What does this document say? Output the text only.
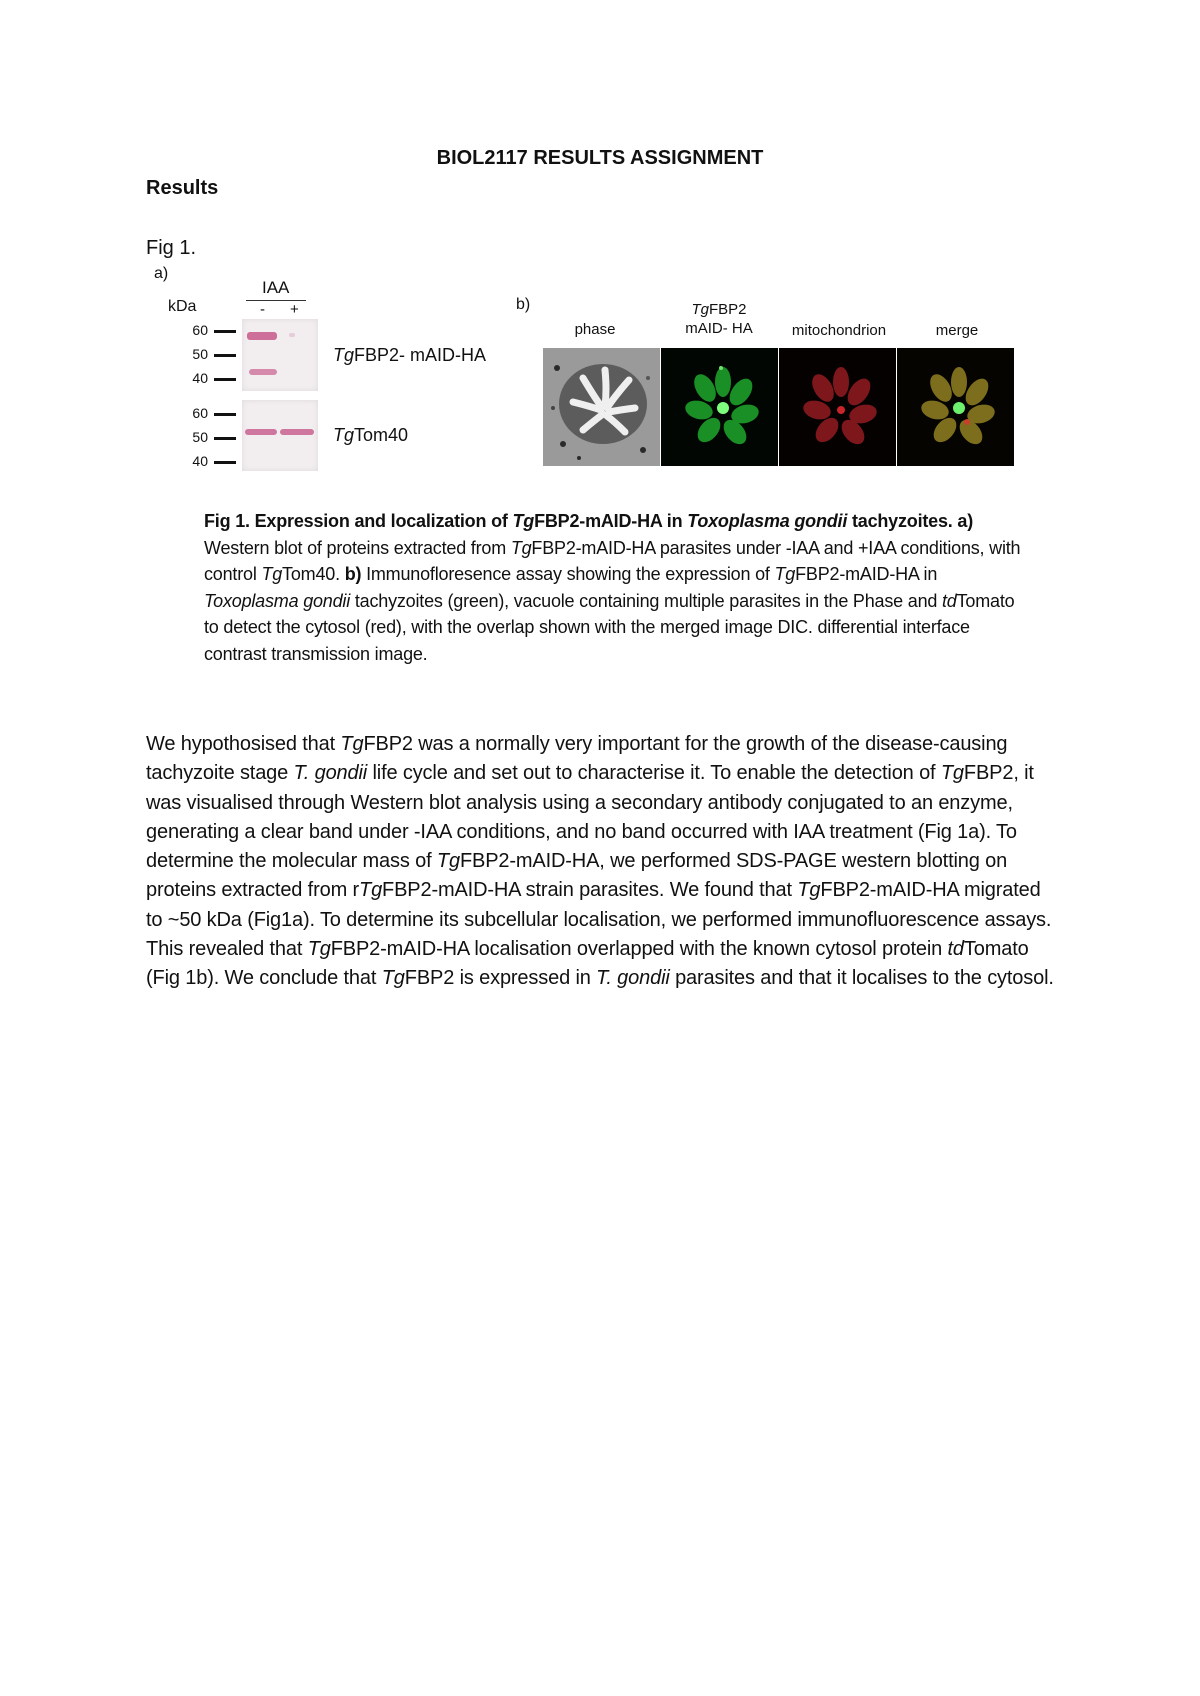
BIOL2117 RESULTS ASSIGNMENT
Results

Fig 1.

a)
IAA
- +
kDa
60
50
40
60
50
40
TgFBP2- mAID-HA
TgTom40
b)
phase
TgFBP2
mAID- HA	mitochondrion	merge

Fig 1. Expression and localization of TgFBP2-mAID-HA in Toxoplasma gondii tachyzoites. a) Western blot of proteins extracted from TgFBP2-mAID-HA parasites under -IAA and +IAA conditions, with control TgTom40. b) Immunofloresence assay showing the expression of TgFBP2-mAID-HA in Toxoplasma gondii tachyzoites (green), vacuole containing multiple parasites in the Phase and tdTomato to detect the cytosol (red), with the overlap shown with the merged image DIC. differential interface contrast transmission image.

We hypothosised that TgFBP2 was a normally very important for the growth of the disease-causing tachyzoite stage T. gondii life cycle and set out to characterise it. To enable the detection of TgFBP2, it was visualised through Western blot analysis using a secondary antibody conjugated to an enzyme, generating a clear band under -IAA conditions, and no band occurred with IAA treatment (Fig 1a). To determine the molecular mass of TgFBP2-mAID-HA, we performed SDS-PAGE western blotting on proteins extracted from rTgFBP2-mAID-HA strain parasites. We found that TgFBP2-mAID-HA migrated to ~50 kDa (Fig1a). To determine its subcellular localisation, we performed immunofluorescence assays. This revealed that TgFBP2-mAID-HA localisation overlapped with the known cytosol protein tdTomato (Fig 1b). We conclude that TgFBP2 is expressed in T. gondii parasites and that it localises to the cytosol.
